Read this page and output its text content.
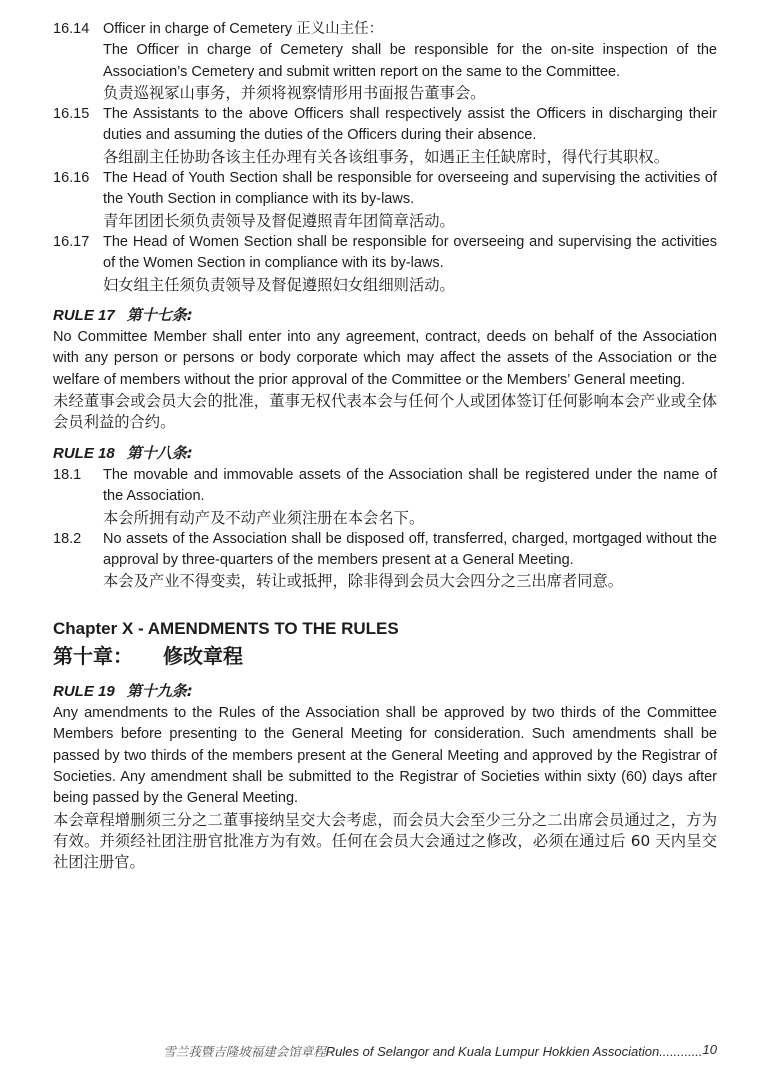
16.14 Officer in charge of Cemetery 正义山主任：
The Officer in charge of Cemetery shall be responsible for the on-site inspection of the Association’s Cemetery and submit written report on the same to the Committee.
负责巡视冢山事务，并须将视察情形用书面报告董事会。
16.15 The Assistants to the above Officers shall respectively assist the Officers in discharging their duties and assuming the duties of the Officers during their absence.
各组副主任协助各该主任办理有关各该组事务，如遇正主任缺席时，得代行其职权。
16.16 The Head of Youth Section shall be responsible for overseeing and supervising the activities of the Youth Section in compliance with its by-laws.
青年团团长须负责领导及督促遵照青年团简章活动。
16.17 The Head of Women Section shall be responsible for overseeing and supervising the activities of the Women Section in compliance with its by-laws.
妇女组主任须负责领导及督促遵照妇女组细则活动。
RULE 17 第十七条:
No Committee Member shall enter into any agreement, contract, deeds on behalf of the Association with any person or persons or body corporate which may affect the assets of the Association or the welfare of members without the prior approval of the Committee or the Members’ General meeting.
未经董事会或会员大会的批准，董事无权代表本会与任何个人或团体签订任何影响本会产业或全体会员利益的合约。
RULE 18 第十八条:
18.1	The movable and immovable assets of the Association shall be registered under the name of the Association.
本会所拥有动产及不动产业须注册在本会名下。
18.2	No assets of the Association shall be disposed off, transferred, charged, mortgaged without the approval by three-quarters of the members present at a General Meeting.
本会及产业不得变卖，转让或抵押，除非得到会员大会四分之三出席者同意。
Chapter X - AMENDMENTS TO THE RULES
第十章： 修改章程
RULE 19 第十九条:
Any amendments to the Rules of the Association shall be approved by two thirds of the Committee Members before presenting to the General Meeting for consideration. Such amendments shall be passed by two thirds of the members present at the General Meeting and approved by the Registrar of Societies. Any amendment shall be submitted to the Registrar of Societies within sixty (60) days after being passed by the General Meeting.
本会章程增删须三分之二董事接纳呈交大会考虑，而会员大会至少三分之二出席会员通过之，方为有效。并须经社团注册官批准方为有效。任何在会员大会通过之修改，必须在通过后 60 天内呈交社团注册官。
雪兰莪暨吉隆坡福建会馆章程Rules of Selangor and Kuala Lumpur Hokkien Association............10
